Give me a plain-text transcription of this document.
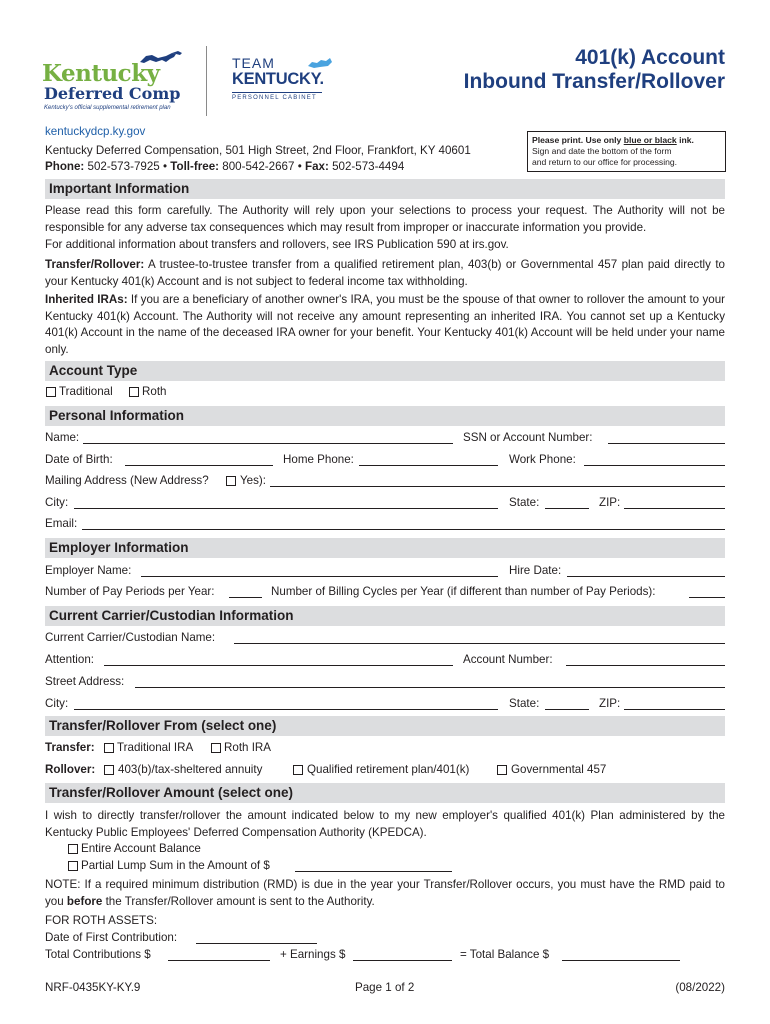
Kentucky
Deferred Comp
Kentucky's official supplemental retirement plan
TEAM
KENTUCKY.
PERSONNEL CABINET
401(k) Account
Inbound Transfer/Rollover
kentuckydcp.ky.gov
Kentucky Deferred Compensation, 501 High Street, 2nd Floor, Frankfort, KY 40601
Phone: 502-573-7925 • Toll-free: 800-542-2667 • Fax: 502-573-4494
Please print. Use only blue or black ink.
Sign and date the bottom of the form
and return to our office for processing.
Important Information
Please read this form carefully. The Authority will rely upon your selections to process your request. The Authority will not be responsible for any adverse tax consequences which may result from improper or inaccurate information you provide.
For additional information about transfers and rollovers, see IRS Publication 590 at irs.gov.
Transfer/Rollover: A trustee-to-trustee transfer from a qualified retirement plan, 403(b) or Governmental 457 plan paid directly to your Kentucky 401(k) Account and is not subject to federal income tax withholding.
Inherited IRAs: If you are a beneficiary of another owner's IRA, you must be the spouse of that owner to rollover the amount to your Kentucky 401(k) Account. The Authority will not receive any amount representing an inherited IRA. You cannot set up a Kentucky 401(k) Account in the name of the deceased IRA owner for your benefit. Your Kentucky 401(k) Account will be held under your name only.
Account Type
Traditional	Roth
Personal Information
Name:	SSN or Account Number:
Date of Birth:	Home Phone:	Work Phone:
Mailing Address (New Address?	Yes):
City:	State:	ZIP:
Email:
Employer Information
Employer Name:	Hire Date:
Number of Pay Periods per Year:	Number of Billing Cycles per Year (if different than number of Pay Periods):
Current Carrier/Custodian Information
Current Carrier/Custodian Name:
Attention:	Account Number:
Street Address:
City:	State:	ZIP:
Transfer/Rollover From (select one)
Transfer: Traditional IRA	Roth IRA
Rollover: 403(b)/tax-sheltered annuity	Qualified retirement plan/401(k)	Governmental 457
Transfer/Rollover Amount (select one)
I wish to directly transfer/rollover the amount indicated below to my new employer's qualified 401(k) Plan administered by the Kentucky Public Employees' Deferred Compensation Authority (KPEDCA).
Entire Account Balance
Partial Lump Sum in the Amount of $
NOTE: If a required minimum distribution (RMD) is due in the year your Transfer/Rollover occurs, you must have the RMD paid to you before the Transfer/Rollover amount is sent to the Authority.
FOR ROTH ASSETS:
Date of First Contribution:
Total Contributions $	+ Earnings $	= Total Balance $
NRF-0435KY-KY.9	Page 1 of 2	(08/2022)
